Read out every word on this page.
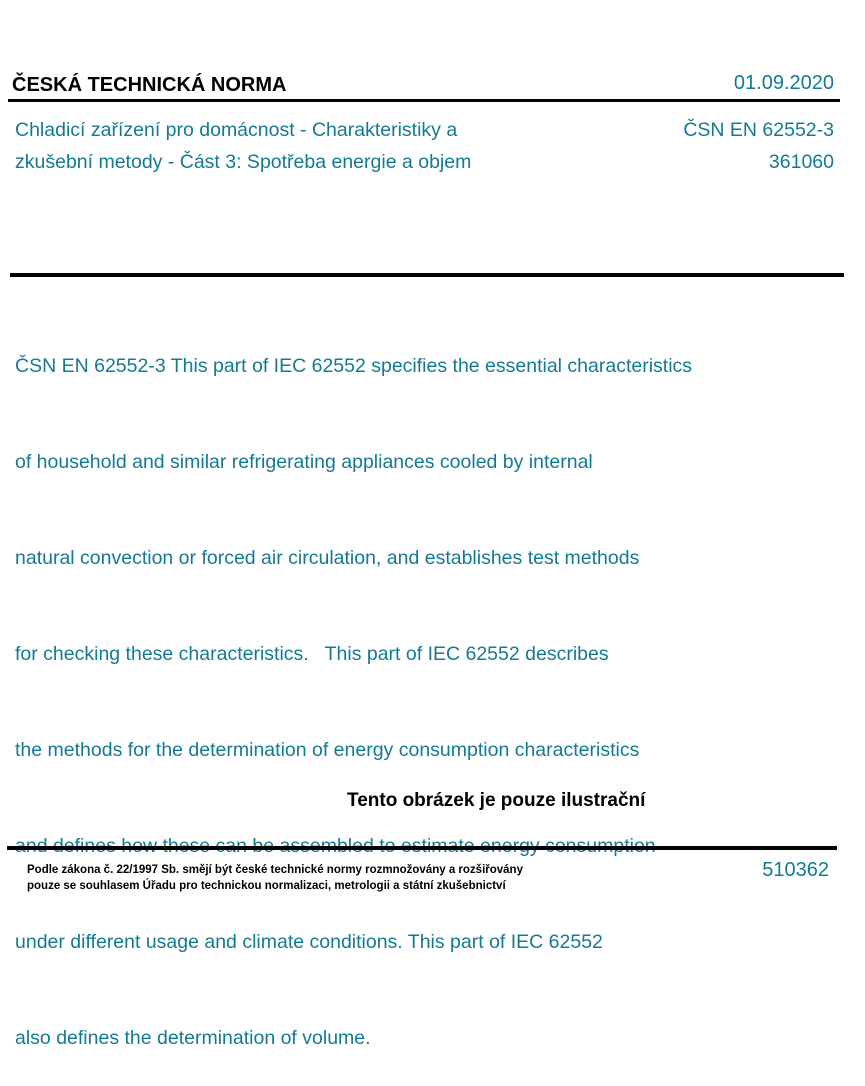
ČESKÁ TECHNICKÁ NORMA	01.09.2020
Chladicí zařízení pro domácnost - Charakteristiky a
zkušební metody - Část 3: Spotřeba energie a objem
ČSN EN 62552-3
361060

ČSN EN 62552-3 This part of IEC 62552 specifies the essential characteristics

of household and similar refrigerating appliances cooled by internal

natural convection or forced air circulation, and establishes test methods

for checking these characteristics.   This part of IEC 62552 describes

the methods for the determination of energy consumption characteristics

under different usage and climate conditions. This part of IEC 62552

also defines the determination of volume.

Tento obrázek je pouze ilustrační
Podle zákona č. 22/1997 Sb. smějí být české technické normy rozmnožovány a rozšiřovány
pouze se souhlasem Úřadu pro technickou normalizaci, metrologii a státní zkušebnictví
510362
